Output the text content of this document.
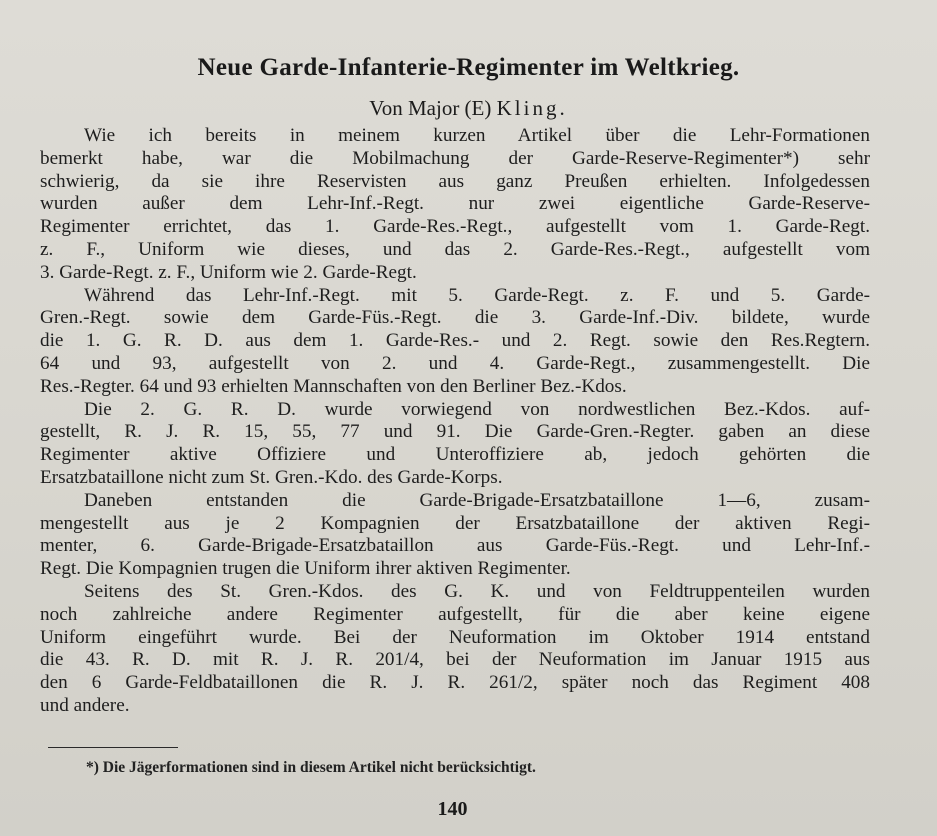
Neue Garde-Infanterie-Regimenter im Weltkrieg.
Von Major (E) Kling.
Wie ich bereits in meinem kurzen Artikel über die Lehr-Formationen
bemerkt habe, war die Mobilmachung der Garde-Reserve-Regimenter*) sehr
schwierig, da sie ihre Reservisten aus ganz Preußen erhielten. Infolgedessen
wurden außer dem Lehr-Inf.-Regt. nur zwei eigentliche Garde-Reserve-
Regimenter errichtet, das 1. Garde-Res.-Regt., aufgestellt vom 1. Garde-Regt.
z. F., Uniform wie dieses, und das 2. Garde-Res.-Regt., aufgestellt vom
3. Garde-Regt. z. F., Uniform wie 2. Garde-Regt.
Während das Lehr-Inf.-Regt. mit 5. Garde-Regt. z. F. und 5. Garde-
Gren.-Regt. sowie dem Garde-Füs.-Regt. die 3. Garde-Inf.-Div. bildete, wurde
die 1. G. R. D. aus dem 1. Garde-Res.- und 2. Regt. sowie den Res.Regtern.
64 und 93, aufgestellt von 2. und 4. Garde-Regt., zusammengestellt. Die
Res.-Regter. 64 und 93 erhielten Mannschaften von den Berliner Bez.-Kdos.
Die 2. G. R. D. wurde vorwiegend von nordwestlichen Bez.-Kdos. auf-
gestellt, R. J. R. 15, 55, 77 und 91. Die Garde-Gren.-Regter. gaben an diese
Regimenter aktive Offiziere und Unteroffiziere ab, jedoch gehörten die
Ersatzbataillone nicht zum St. Gren.-Kdo. des Garde-Korps.
Daneben entstanden die Garde-Brigade-Ersatzbataillone 1—6, zusam-
mengestellt aus je 2 Kompagnien der Ersatzbataillone der aktiven Regi-
menter, 6. Garde-Brigade-Ersatzbataillon aus Garde-Füs.-Regt. und Lehr-Inf.-
Regt. Die Kompagnien trugen die Uniform ihrer aktiven Regimenter.
Seitens des St. Gren.-Kdos. des G. K. und von Feldtruppenteilen wurden
noch zahlreiche andere Regimenter aufgestellt, für die aber keine eigene
Uniform eingeführt wurde. Bei der Neuformation im Oktober 1914 entstand
die 43. R. D. mit R. J. R. 201/4, bei der Neuformation im Januar 1915 aus
den 6 Garde-Feldbataillonen die R. J. R. 261/2, später noch das Regiment 408
und andere.
*) Die Jägerformationen sind in diesem Artikel nicht berücksichtigt.
140
